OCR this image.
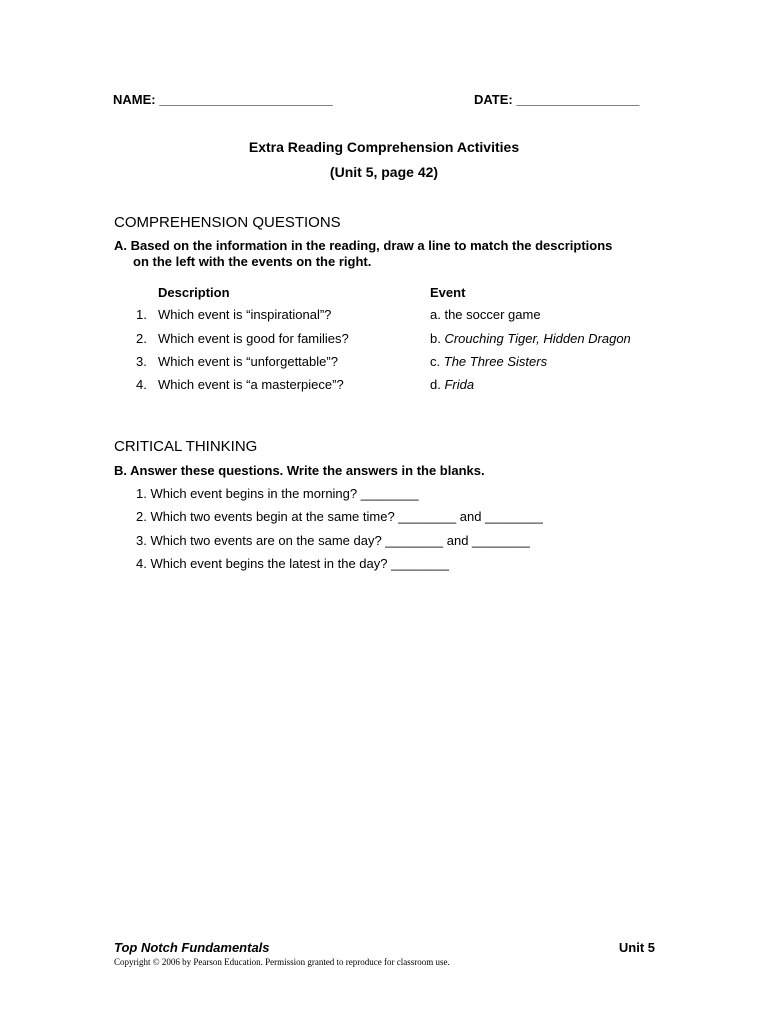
NAME: ________________________	DATE: _________________
Extra Reading Comprehension Activities
(Unit 5, page 42)
COMPREHENSION QUESTIONS
A. Based on the information in the reading, draw a line to match the descriptions
on the left with the events on the right.
Description	Event
1. Which event is “inspirational”?	a. the soccer game
2. Which event is good for families?	b. Crouching Tiger, Hidden Dragon
3. Which event is “unforgettable”?	c. The Three Sisters
4. Which event is “a masterpiece”?	d. Frida
CRITICAL THINKING
B. Answer these questions. Write the answers in the blanks.
1. Which event begins in the morning? ________
2. Which two events begin at the same time? ________ and ________
3. Which two events are on the same day? ________ and ________
4. Which event begins the latest in the day? ________
Top Notch Fundamentals	Unit 5
Copyright © 2006 by Pearson Education. Permission granted to reproduce for classroom use.
